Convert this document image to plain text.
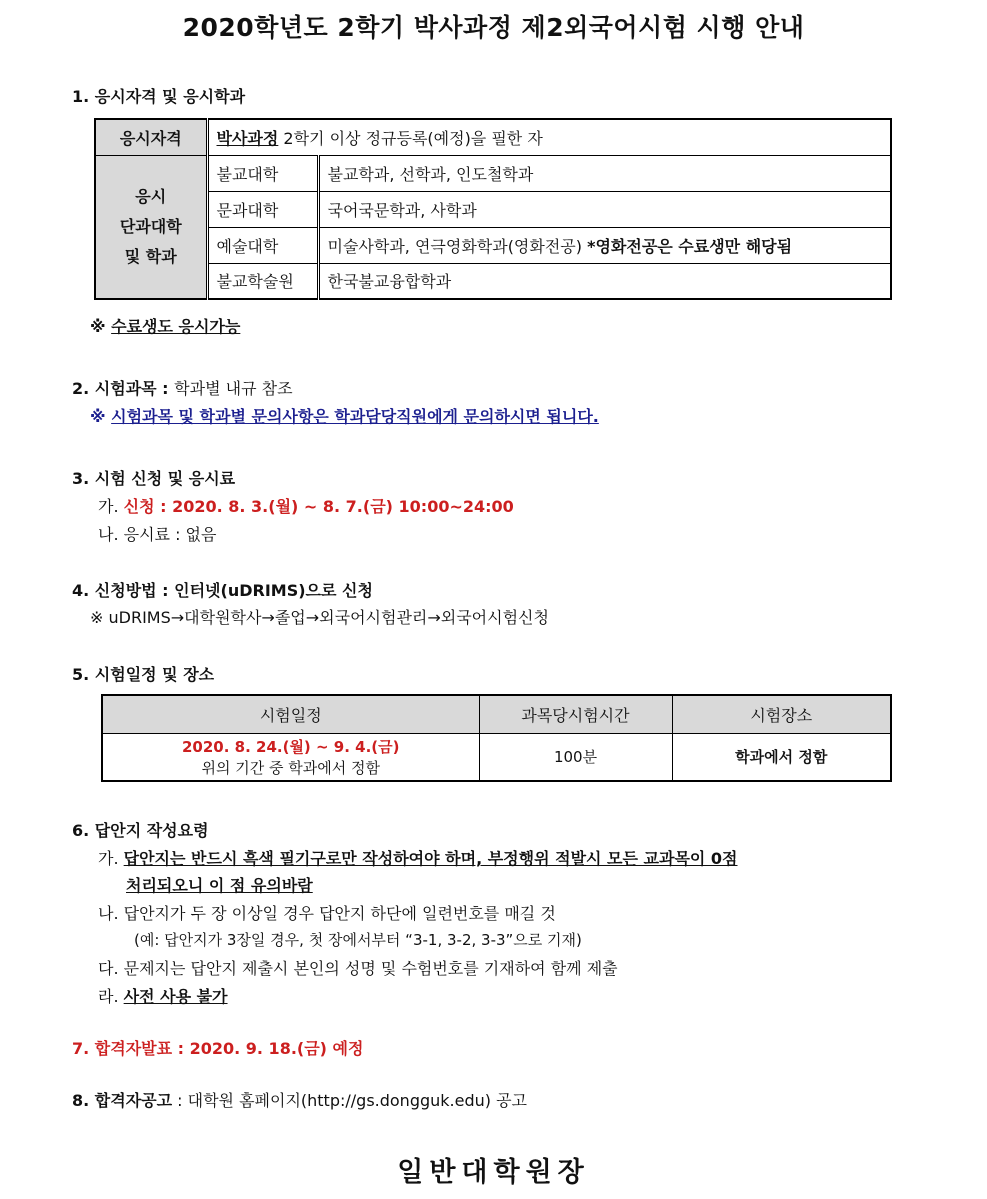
2020학년도 2학기 박사과정 제2외국어시험 시행 안내
1. 응시자격 및 응시학과
응시자격	박사과정 2학기 이상 정규등록(예정)을 필한 자	

응시
단과대학
및 학과	불교대학	불교학과, 선학과, 인도철학과
	문과대학	국어국문학과, 사학과
	예술대학	미술사학과, 연극영화학과(영화전공) *영화전공은 수료생만 해당됨
	불교학술원	한국불교융합학과
※ 수료생도 응시가능
2. 시험과목 : 학과별 내규 참조
※ 시험과목 및 학과별 문의사항은 학과담당직원에게 문의하시면 됩니다.
3. 시험 신청 및 응시료
가. 신청 : 2020. 8. 3.(월) ~ 8. 7.(금) 10:00~24:00
나. 응시료 : 없음
4. 신청방법 : 인터넷(uDRIMS)으로 신청
※ uDRIMS→대학원학사→졸업→외국어시험관리→외국어시험신청
5. 시험일정 및 장소
시험일정	과목당시험시간	시험장소

2020. 8. 24.(월) ~ 9. 4.(금)
위의 기간 중 학과에서 정함	100분	학과에서 정함
6. 답안지 작성요령
가. 답안지는 반드시 흑색 필기구로만 작성하여야 하며, 부정행위 적발시 모든 교과목이 0점
처리되오니 이 점 유의바람
나. 답안지가 두 장 이상일 경우 답안지 하단에 일련번호를 매길 것
(예: 답안지가 3장일 경우, 첫 장에서부터 “3-1, 3-2, 3-3”으로 기재)
다. 문제지는 답안지 제출시 본인의 성명 및 수험번호를 기재하여 함께 제출
라. 사전 사용 불가
7. 합격자발표 : 2020. 9. 18.(금) 예정
8. 합격자공고 : 대학원 홈페이지(http://gs.dongguk.edu) 공고
일반대학원장
